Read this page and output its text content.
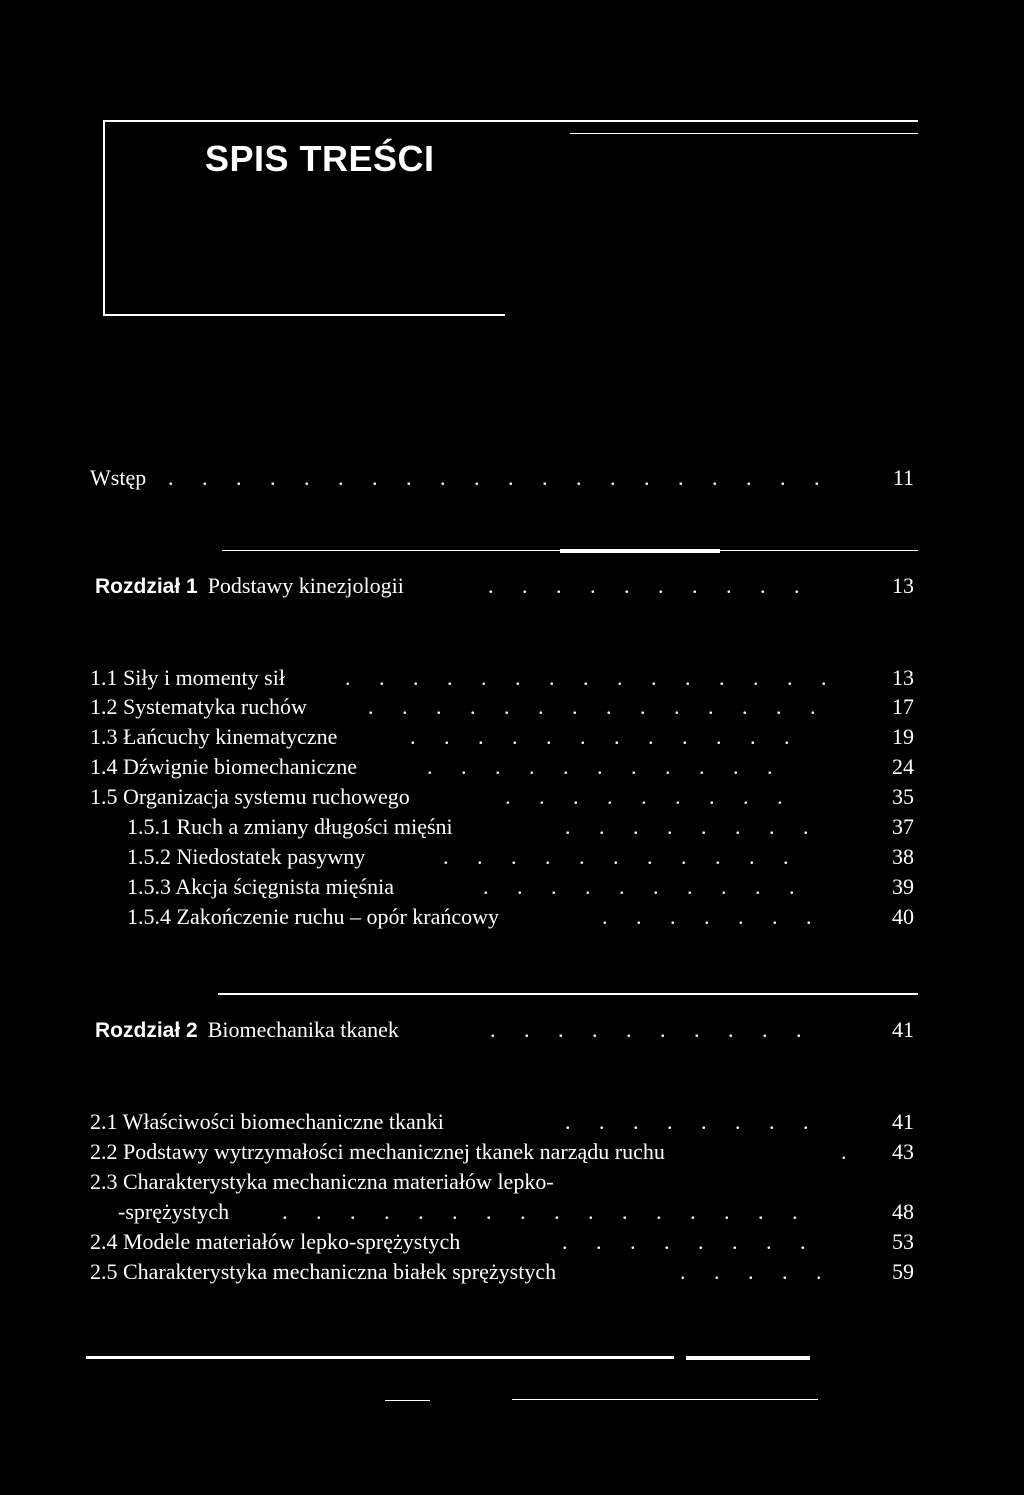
SPIS TREŚCI
Wstęp . . . . . . . . . . . . . . . . . . . .	11
Rozdział 1 Podstawy kinezjologii	. . . . . . . . . .	13
1.1 Siły i momenty sił	. . . . . . . . . . . . . . . 13
1.2 Systematyka ruchów	. . . . . . . . . . . . . .	17
1.3 Łańcuchy kinematyczne	. . . . . . . . . . . .	19
1.4 Dźwignie biomechaniczne	. . . . . . . . . . .	24
1.5 Organizacja systemu ruchowego	. . . . . . . . .	35
1.5.1 Ruch a zmiany długości mięśni	. . . . . . . .	37
1.5.2 Niedostatek pasywny	. . . . . . . . . . .	38
1.5.3 Akcja ścięgnista mięśnia	. . . . . . . . . .	39
1.5.4 Zakończenie ruchu – opór krańcowy	. . . . . . .	40
Rozdział 2 Biomechanika tkanek	. . . . . . . . . .	41
2.1 Właściwości biomechaniczne tkanki	. . . . . . . .	41
2.2 Podstawy wytrzymałości mechanicznej tkanek narządu ruchu	. 43
2.3 Charakterystyka mechaniczna materiałów lepko-
-sprężystych . . . . . . . . . . . . . . . .	48
2.4 Modele materiałów lepko-sprężystych	. . . . . . . .	53
2.5 Charakterystyka mechaniczna białek sprężystych	. . . . .	59
